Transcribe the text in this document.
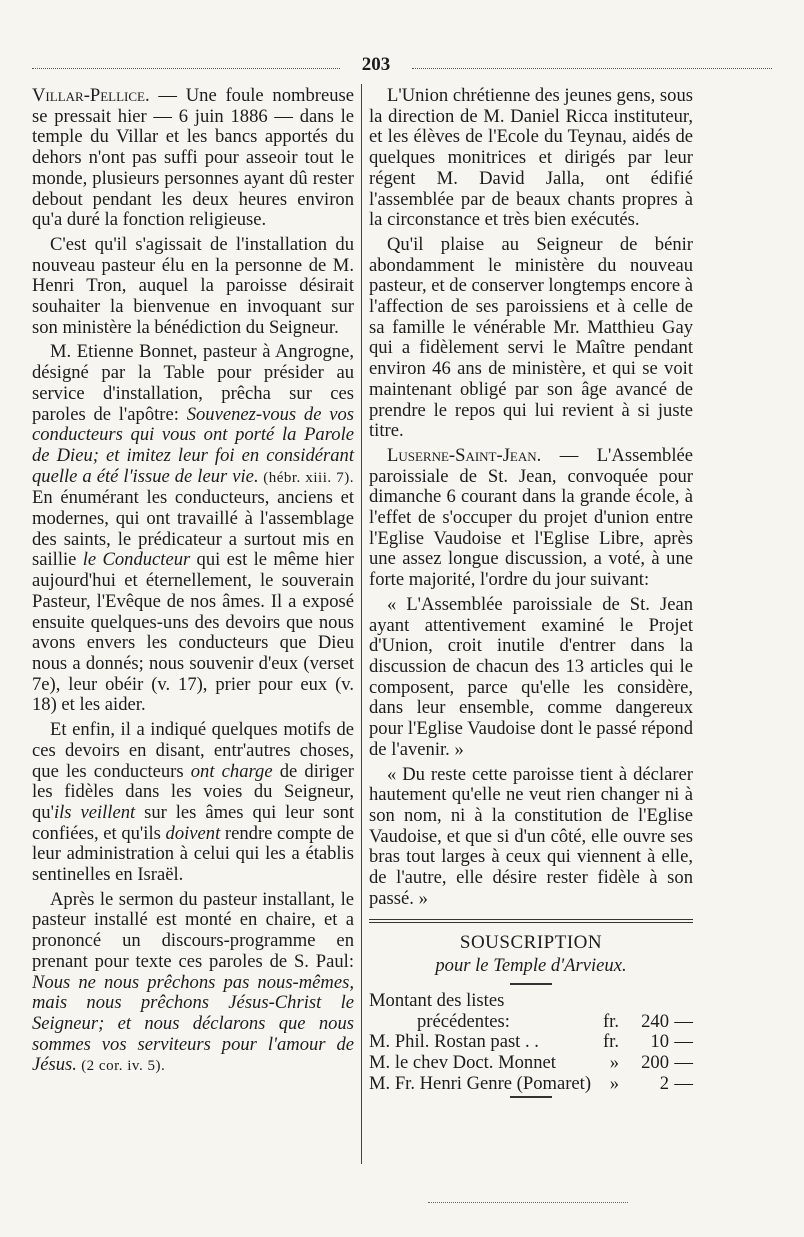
203

Villar-Pellice. — Une foule nombreuse se pressait hier — 6 juin 1886 — dans le temple du Villar et les bancs apportés du dehors n'ont pas suffi pour asseoir tout le monde, plusieurs personnes ayant dû rester debout pendant les deux heures environ qu'a duré la fonction religieuse.

C'est qu'il s'agissait de l'installation du nouveau pasteur élu en la personne de M. Henri Tron, auquel la paroisse désirait souhaiter la bienvenue en invoquant sur son ministère la bénédiction du Seigneur.

M. Etienne Bonnet, pasteur à Angrogne, désigné par la Table pour présider au service d'installation, prêcha sur ces paroles de l'apôtre: Souvenez-vous de vos conducteurs qui vous ont porté la Parole de Dieu; et imitez leur foi en considérant quelle a été l'issue de leur vie. (hébr. xiii. 7). En énumérant les conducteurs, anciens et modernes, qui ont travaillé à l'assemblage des saints, le prédicateur a surtout mis en saillie le Conducteur qui est le même hier aujourd'hui et éternellement, le souverain Pasteur, l'Evêque de nos âmes. Il a exposé ensuite quelques-uns des devoirs que nous avons envers les conducteurs que Dieu nous a donnés; nous souvenir d'eux (verset 7e), leur obéir (v. 17), prier pour eux (v. 18) et les aider.

Et enfin, il a indiqué quelques motifs de ces devoirs en disant, entr'autres choses, que les conducteurs ont charge de diriger les fidèles dans les voies du Seigneur, qu'ils veillent sur les âmes qui leur sont confiées, et qu'ils doivent rendre compte de leur administration à celui qui les a établis sentinelles en Israël.

Après le sermon du pasteur installant, le pasteur installé est monté en chaire, et a prononcé un discours-programme en prenant pour texte ces paroles de S. Paul: Nous ne nous prêchons pas nous-mêmes, mais nous prêchons Jésus-Christ le Seigneur; et nous déclarons que nous sommes vos serviteurs pour l'amour de Jésus. (2 cor. iv. 5).

L'Union chrétienne des jeunes gens, sous la direction de M. Daniel Ricca instituteur, et les élèves de l'Ecole du Teynau, aidés de quelques monitrices et dirigés par leur régent M. David Jalla, ont édifié l'assemblée par de beaux chants propres à la circonstance et très bien exécutés.

Qu'il plaise au Seigneur de bénir abondamment le ministère du nouveau pasteur, et de conserver longtemps encore à l'affection de ses paroissiens et à celle de sa famille le vénérable Mr. Matthieu Gay qui a fidèlement servi le Maître pendant environ 46 ans de ministère, et qui se voit maintenant obligé par son âge avancé de prendre le repos qui lui revient à si juste titre.

Luserne-Saint-Jean. — L'Assemblée paroissiale de St. Jean, convoquée pour dimanche 6 courant dans la grande école, à l'effet de s'occuper du projet d'union entre l'Eglise Vaudoise et l'Eglise Libre, après une assez longue discussion, a voté, à une forte majorité, l'ordre du jour suivant:

« L'Assemblée paroissiale de St. Jean ayant attentivement examiné le Projet d'Union, croit inutile d'entrer dans la discussion de chacun des 13 articles qui le composent, parce qu'elle les considère, dans leur ensemble, comme dangereux pour l'Eglise Vaudoise dont le passé répond de l'avenir. »

« Du reste cette paroisse tient à déclarer hautement qu'elle ne veut rien changer ni à son nom, ni à la constitution de l'Eglise Vaudoise, et que si d'un côté, elle ouvre ses bras tout larges à ceux qui viennent à elle, de l'autre, elle désire rester fidèle à son passé. »

SOUSCRIPTION

pour le Temple d'Arvieux.

Montant des listes
précédentes:	fr.	240 —
M. Phil. Rostan past . .	fr.	10 —
M. le chev Doct. Monnet	»	200 —
M. Fr. Henri Genre (Pomaret)	»	2 —
